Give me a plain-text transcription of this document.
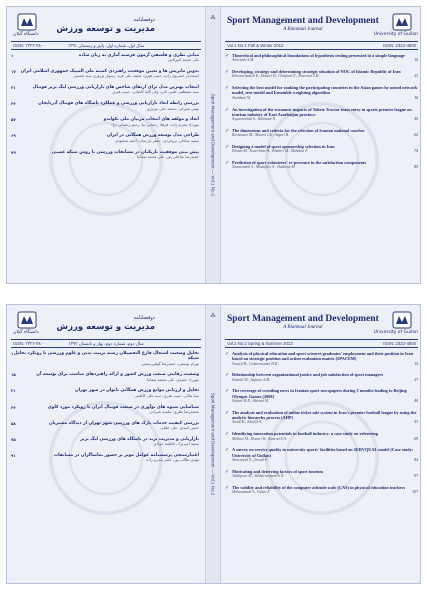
دانشگاه گیلان
دوفصلنامه
مدیریت و توسعه ورزش
ISSN: ۲۳۲۲-۴۸۰۰	سال اول، شماره اول، پاییز و زمستان ۱۳۹۱
۱	مبانی نظری و فلسفی آزمون فرضیه آماری به زبان ساده
علی محمد امیرتاش
۱۷ تدوین ماتریس ها و تعیین موقعیت راهبردی کمیته ملی المپیک جمهوری اسلامی ایران
اسفندیار خسروی زاده، حبیب هنری، محمد علی قره، رسول نوروزی سید حسینی
۳۱	انتخاب بهترین مدل برای ارتقای شاخص های بازاریابی ورزشی لیگ برتر فوتبال
سید مصطفی طیبی ثانی، ولی الله کاشانی، حبیب هنری
۴۳	بررسی رابطه ابعاد بازاریابی ورزشی و عملکرد باشگاه های فوتبال آذربایجان
بهمن شیرانی، محمد علی نوروزی
۵۷	ابعاد و مولفه های انتخاب مربیان ملی تکواندو
مهرداد محرم زاده، فرهاد رحمانی نیا، رحیم رمضانی نژاد
۶۹	طراحی مدل توسعه ورزش همگانی در ایران
سعید صادقی بروجردی، جعفر زارعیان، احمد محمودی
۷۹	پیش بینی موفقیت بازیکنان در مسابقات ورزشی با روش شبکه عصبی
حمیدرضا صادقی پور، علی محمد صفانیا
⁂
Sport Management and Development — Vol.1 No.1
Sport Management and Development
A Biannual Journal
University of Guilan
Vol.1 No.1 Fall & Winter 2012	ISSN: 2322-4800
✓ Theoretical and philosophical foundations of hypothesis testing presented in a simple language
10
Amirtash A.M.
✓ Developing, strategy and determining strategic situation of NOC of Islamic Republic of Iran
23
Khosravizadeh E., Honari H., Ghafouri F., Nouroozi S.H.
✓ Selecting the best model for ranking the participating countries in the Asian games by mixed network model, tree model and Ensemble weighting algorithm
36
Shahbazi M.
✓ An investigation of the economic impacts of Tabriz Tractor team entry in sports premier league on tourism industry of East Azarbaijan province
50
Asgarnezhad A., Rahmani N.
✓ The dimensions and criteria for the selection of Iranian national coaches
62
Keshavarz M., Mosavi Gh., Asgari B.
✓ Designing a model of sport sponsorship selection in Iran
74
Ehsani M., Kozechian H., Khabiri M., Mahdavi F.
✓ Prediction of sport volunteers' re-presence in the satisfaction components
85
Nazarzadeh S., Mostafavi A., Hashemi M.
دانشگاه گیلان
دوفصلنامه
مدیریت و توسعه ورزش
ISSN: ۲۳۲۲-۴۸۰۰	سال دوم، شماره دوم، بهار و تابستان ۱۳۹۲
۱ تحلیل وضعیت اشتغال فارغ التحصیلان رشته تربیت بدنی و علوم ورزشی با رویکرد تحلیل شبکه
بهرام یوسفی، حمیدرضا گوهررستمی
۱۵	وضعیت رقابتی صنعت ورزش کشور و ارائه راهبردهای مناسب برای توسعه آن
مهرزاد حمیدی، علی محمد صفانیا
۳۱	تحلیل و ارزیابی موانع ورزش همگانی بانوان در شهر تهران
مینا ملائی، حبیب هنری، سید علی کاظمی
۴۳	شناسایی شیوه های نوآوری در صنعت فوتبال ایران با رویکرد مورد کاوی
محمدرضا نظری، ملیحه شیرانی
۵۸	بررسی کیفیت خدمات پارک های ورزشی شهر تهران از دیدگاه مشتریان
حسن اسدی، علی خلیلی
۷۵	بازاریابی و مدیریت برند در باشگاه های ورزشی لیگ برتر
سعید امیرنژاد، فاطمه جوادی
۹۱	اعتبارسنجی پرسشنامه عوامل موثر بر حضور تماشاگران در مسابقات
مهدی طالب پور، ناصر محرم زاده
⁂
Sport Management and Development — Vol.1 No.2
Sport Management and Development
A Biannual Journal
University of Guilan
Vol.2 No.2 Spring & Summer 2013	ISSN: 2322-4800
✓ Analysis of physical education and sport sciences graduates' employment and their position in Iran based on strategic position and action evaluation matrix (SPACEM)
15
Yousefi B., Goharrostami H.R.
✓ Relationship between organizational justice and job satisfaction of sport managers
27
Hamidi M., Safania A.M.
✓ The coverage of wrestling news in Iranian sport newspapers during 3 months leading to Beijing Olympic Games (2008)
40
Nazari M.R., Shirani M.
✓ The analysis and evaluation of online ticket sale system in Iran's premier football league by using the analytic hierarchy process (AHP)
53
Asadi H., Khalili A.
✓ Identifying innovation potentials in football industry: a case study on refereeing
69
Mollaei M., Honari H., Kazemi S.A.
✓ A survey on service quality in university sports' facilities based on SERVQUAL model (Case study: University of Guilan)
84
Amirnejad S., Javadi F.
✓ Motivating and deterring factors of sport tourism
97
Talebpour M., Moharramzadeh N.
✓ The validity and reliability of the computer attitude scale (CAS) in physical education teachers
107
Mohammadi S., Vafaei F.
